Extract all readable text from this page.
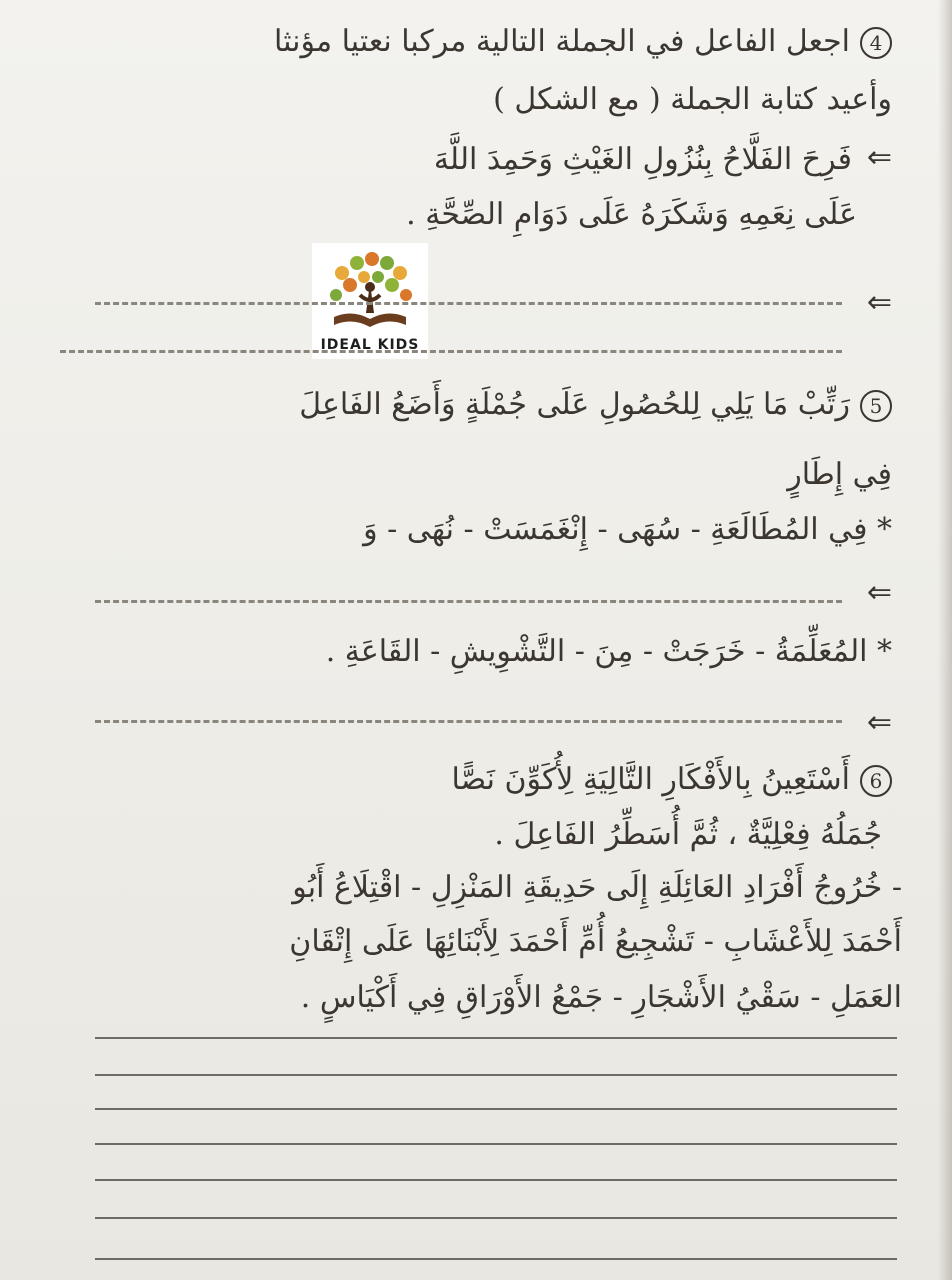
4اجعل الفاعل في الجملة التالية مركبا نعتيا مؤنثا
وأعيد كتابة الجملة ( مع الشكل )
فَرِحَ الفَلَّاحُ بِنُزُولِ الغَيْثِ وَحَمِدَ اللَّهَ ⇐
عَلَى نِعَمِهِ وَشَكَرَهُ عَلَى دَوَامِ الصِّحَّةِ .
IDEAL KIDS
⇐
5رَتِّبْ مَا يَلِي لِلحُصُولِ عَلَى جُمْلَةٍ وَأَضَعُ الفَاعِلَ
فِي إِطَارٍ
* فِي المُطَالَعَةِ - سُهَى - إِنْغَمَسَتْ - نُهَى - وَ
⇐
* المُعَلِّمَةُ - خَرَجَتْ - مِنَ - التَّشْوِيشِ - القَاعَةِ .
⇐
6أَسْتَعِينُ بِالأَفْكَارِ التَّالِيَةِ لِأُكَوِّنَ نَصًّا
جُمَلُهُ فِعْلِيَّةٌ ، ثُمَّ أُسَطِّرُ الفَاعِلَ .
- خُرُوجُ أَفْرَادِ العَائِلَةِ إِلَى حَدِيقَةِ المَنْزِلِ - اقْتِلَاعُ أَبُو
أَحْمَدَ لِلأَعْشَابِ - تَشْجِيعُ أُمِّ أَحْمَدَ لِأَبْنَائِهَا عَلَى إِتْقَانِ
العَمَلِ - سَقْيُ الأَشْجَارِ - جَمْعُ الأَوْرَاقِ فِي أَكْيَاسٍ .
